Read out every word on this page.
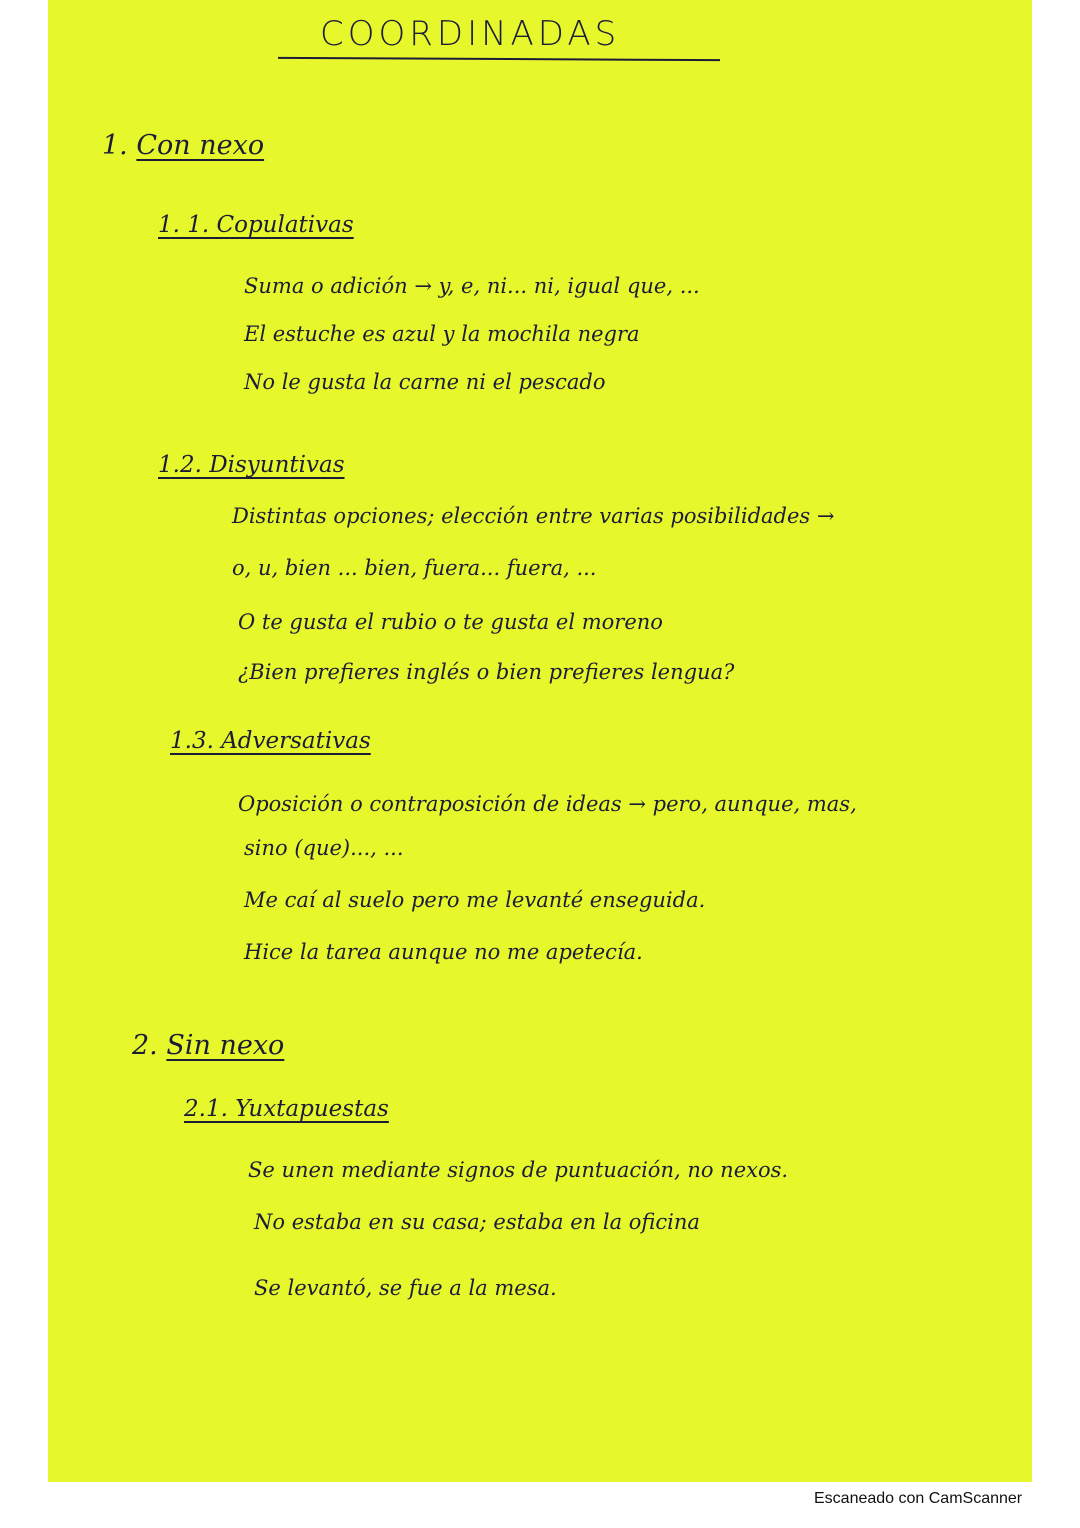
COORDINADAS
1. Con nexo
1. 1. Copulativas
Suma o adición → y, e, ni... ni, igual que, ...
El estuche es azul y la mochila negra
No le gusta la carne ni el pescado
1.2. Disyuntivas
Distintas opciones; elección entre varias posibilidades →
o, u, bien ... bien, fuera... fuera, ...
O te gusta el rubio o te gusta el moreno
¿Bien prefieres inglés o bien prefieres lengua?
1.3. Adversativas
Oposición o contraposición de ideas → pero, aunque, mas,
sino (que)..., ...
Me caí al suelo pero me levanté enseguida.
Hice la tarea aunque no me apetecía.
2. Sin nexo
2.1. Yuxtapuestas
Se unen mediante signos de puntuación, no nexos.
No estaba en su casa; estaba en la oficina
Se levantó, se fue a la mesa.
Escaneado con CamScanner
